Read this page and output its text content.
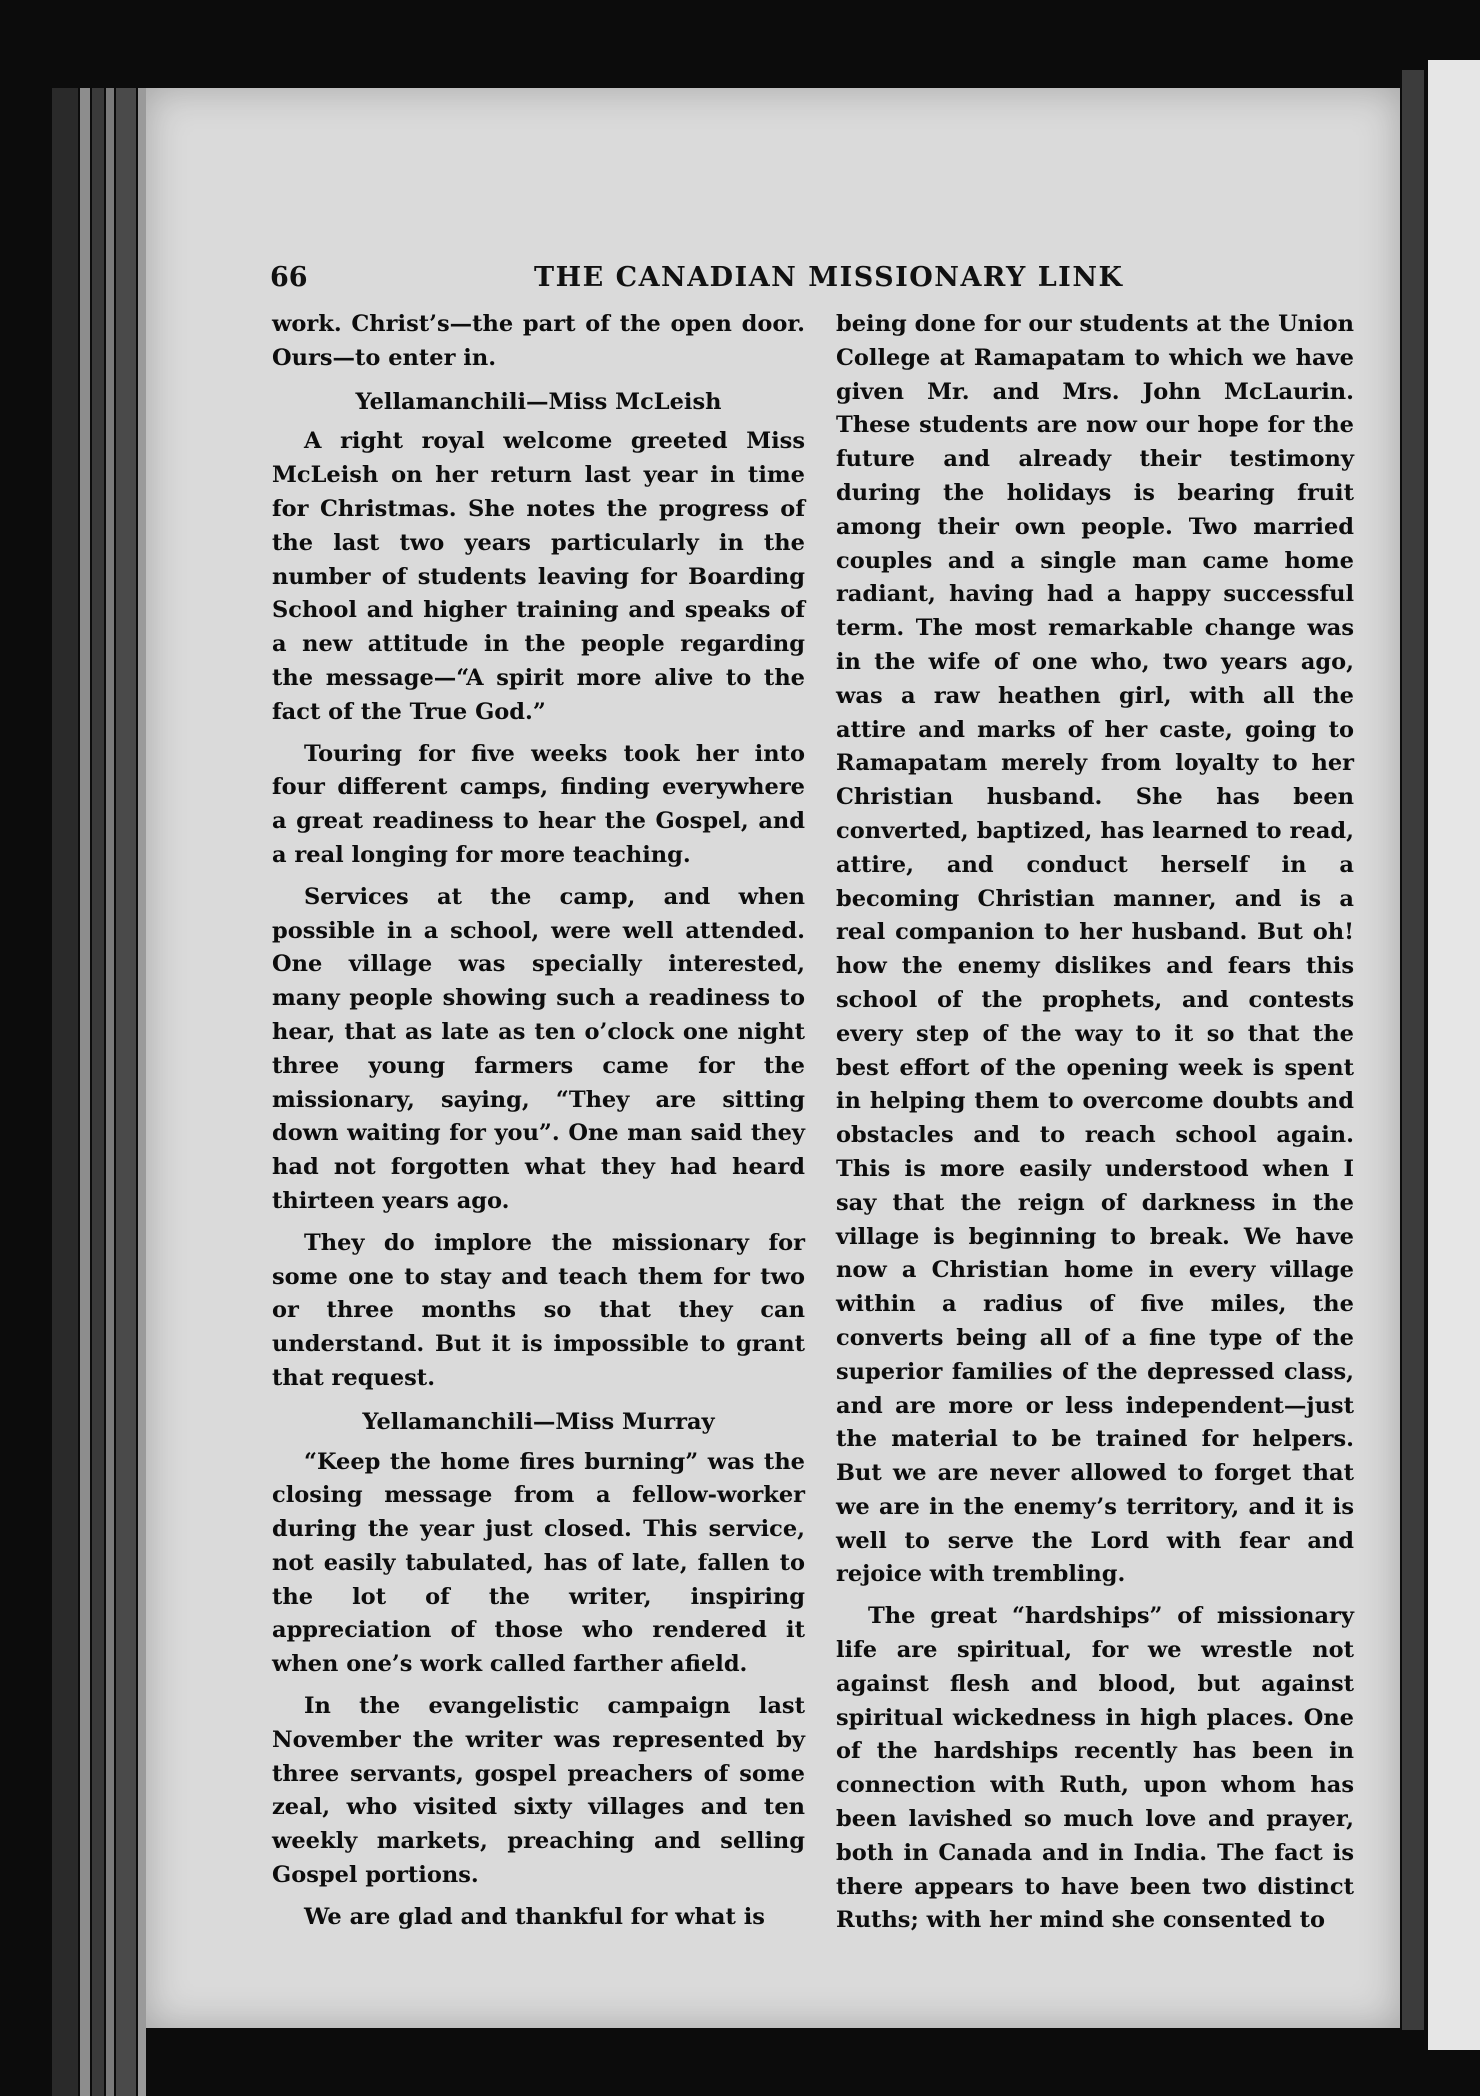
66	THE CANADIAN MISSIONARY LINK

work. Christ’s—the part of the open door. Ours—to enter in.

Yellamanchili—Miss McLeish

A right royal welcome greeted Miss McLeish on her return last year in time for Christmas. She notes the progress of the last two years particularly in the number of students leaving for Boarding School and higher training and speaks of a new attitude in the people regarding the message—“A spirit more alive to the fact of the True God.”

Touring for five weeks took her into four different camps, finding everywhere a great readiness to hear the Gospel, and a real longing for more teaching.

Services at the camp, and when possible in a school, were well attended. One village was specially interested, many people showing such a readiness to hear, that as late as ten o’clock one night three young farmers came for the missionary, saying, “They are sitting down waiting for you”. One man said they had not forgotten what they had heard thirteen years ago.

They do implore the missionary for some one to stay and teach them for two or three months so that they can understand. But it is impossible to grant that request.

Yellamanchili—Miss Murray

“Keep the home fires burning” was the closing message from a fellow-worker during the year just closed. This service, not easily tabulated, has of late, fallen to the lot of the writer, inspiring appreciation of those who rendered it when one’s work called farther afield.

In the evangelistic campaign last November the writer was represented by three servants, gospel preachers of some zeal, who visited sixty villages and ten weekly markets, preaching and selling Gospel portions.

We are glad and thankful for what is

being done for our students at the Union College at Ramapatam to which we have given Mr. and Mrs. John McLaurin. These students are now our hope for the future and already their testimony during the holidays is bearing fruit among their own people. Two married couples and a single man came home radiant, having had a happy successful term. The most remarkable change was in the wife of one who, two years ago, was a raw heathen girl, with all the attire and marks of her caste, going to Ramapatam merely from loyalty to her Christian husband. She has been converted, baptized, has learned to read, attire, and conduct herself in a becoming Christian manner, and is a real companion to her husband. But oh! how the enemy dislikes and fears this school of the prophets, and contests every step of the way to it so that the best effort of the opening week is spent in helping them to overcome doubts and obstacles and to reach school again. This is more easily understood when I say that the reign of darkness in the village is beginning to break. We have now a Christian home in every village within a radius of five miles, the converts being all of a fine type of the superior families of the depressed class, and are more or less independent—just the material to be trained for helpers. But we are never allowed to forget that we are in the enemy’s territory, and it is well to serve the Lord with fear and rejoice with trembling.

The great “hardships” of missionary life are spiritual, for we wrestle not against flesh and blood, but against spiritual wickedness in high places. One of the hardships recently has been in connection with Ruth, upon whom has been lavished so much love and prayer, both in Canada and in India. The fact is there appears to have been two distinct Ruths; with her mind she consented to
